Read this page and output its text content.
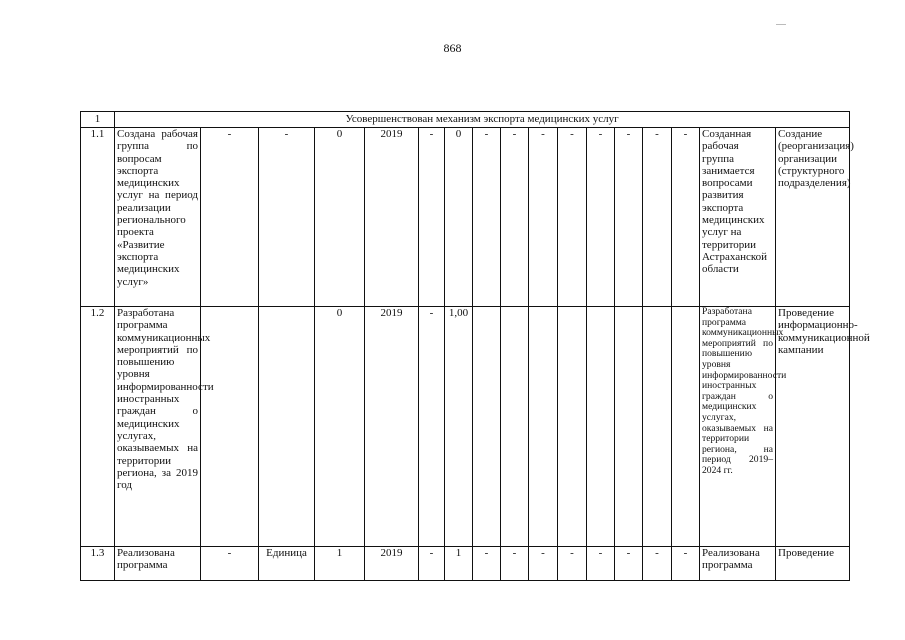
868
1	Усовершенствован механизм экспорта медицинских услуг																
1.1	Создана рабочая группа по вопросам экспорта медицинских услуг на период реализации регионального проекта «Развитие экспорта медицинских услуг»	-	-	0	2019	-	0	-	-	-	-	-	-	-	-	Созданная рабочая группа занимается вопросами развития экспорта медицинских услуг на территории Астраханской области	Создание (реорганизация) организации (структурного подразделения)
1.2	Разработана программа коммуникационных мероприятий по повышению уровня информированности иностранных граждан о медицинских услугах, оказываемых на территории региона, за 2019 год			0	2019	-	1,00									Разработана программа коммуникационных мероприятий по повышению уровня информированности иностранных граждан о медицинских услугах, оказываемых на территории региона, на период 2019–2024 гг.	Проведение информационно-коммуникационной кампании
1.3	Реализована программа	-	Единица	1	2019	-	1	-	-	-	-	-	-	-	-	Реализована программа	Проведение
